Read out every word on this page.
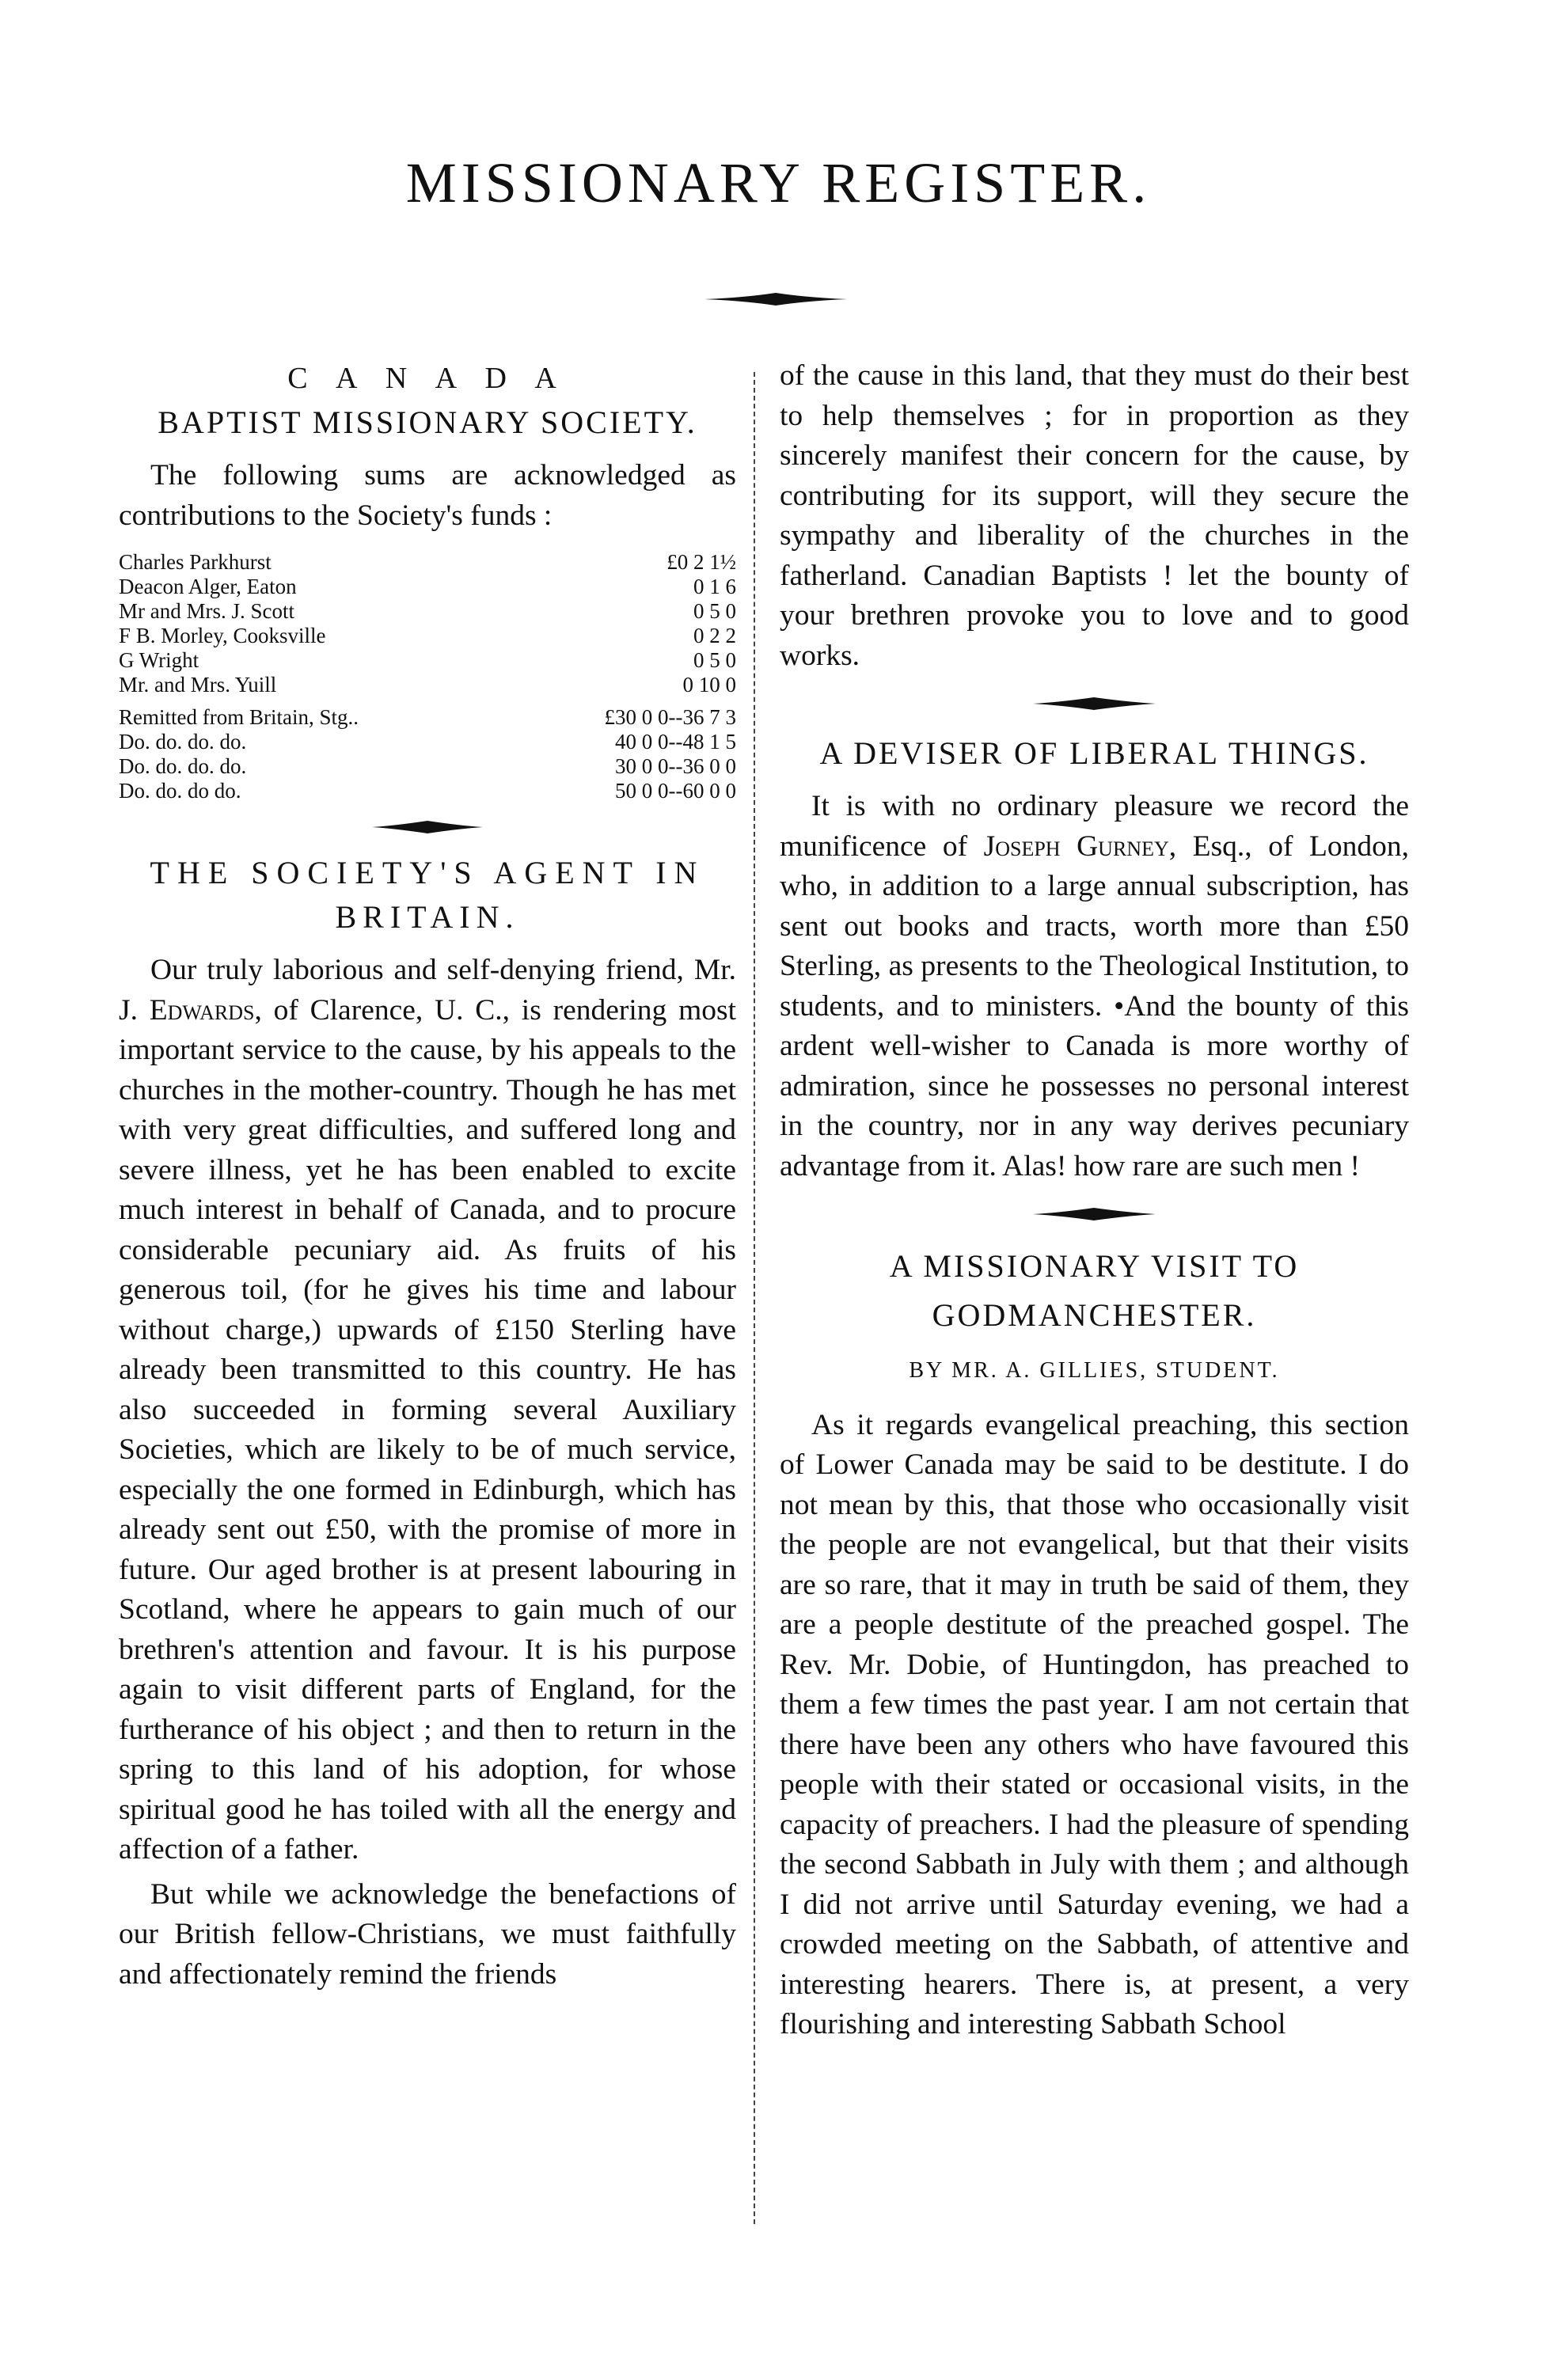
MISSIONARY REGISTER.
C A N A D A
BAPTIST MISSIONARY SOCIETY.

The following sums are acknowledged as contributions to the Society's funds :

Charles Parkhurst	£0 2 1½
Deacon Alger, Eaton	0 1 6
Mr and Mrs. J. Scott	0 5 0
F B. Morley, Cooksville	0 2 2
G Wright	0 5 0
Mr. and Mrs. Yuill	0 10 0

Remitted from Britain, Stg..	£30 0 0--36 7 3
Do. do. do. do.	40 0 0--48 1 5
Do. do. do. do.	30 0 0--36 0 0
Do. do. do do.	50 0 0--60 0 0
THE SOCIETY'S AGENT IN
BRITAIN.

Our truly laborious and self-denying friend, Mr. J. Edwards, of Clarence, U. C., is rendering most important service to the cause, by his appeals to the churches in the mother-country. Though he has met with very great difficulties, and suffered long and severe illness, yet he has been enabled to excite much interest in behalf of Canada, and to procure considerable pecuniary aid. As fruits of his generous toil, (for he gives his time and labour without charge,) upwards of £150 Sterling have already been transmitted to this country. He has also succeeded in forming several Auxiliary Societies, which are likely to be of much service, especially the one formed in Edinburgh, which has already sent out £50, with the promise of more in future. Our aged brother is at present labouring in Scotland, where he appears to gain much of our brethren's attention and favour. It is his purpose again to visit different parts of England, for the furtherance of his object ; and then to return in the spring to this land of his adoption, for whose spiritual good he has toiled with all the energy and affection of a father.

But while we acknowledge the benefactions of our British fellow-Christians, we must faithfully and affectionately remind the friends

of the cause in this land, that they must do their best to help themselves ; for in proportion as they sincerely manifest their concern for the cause, by contributing for its support, will they secure the sympathy and liberality of the churches in the fatherland. Canadian Baptists ! let the bounty of your brethren provoke you to love and to good works.

A DEVISER OF LIBERAL THINGS.

It is with no ordinary pleasure we record the munificence of Joseph Gurney, Esq., of London, who, in addition to a large annual subscription, has sent out books and tracts, worth more than £50 Sterling, as presents to the Theological Institution, to students, and to ministers. •And the bounty of this ardent well-wisher to Canada is more worthy of admiration, since he possesses no personal interest in the country, nor in any way derives pecuniary advantage from it. Alas! how rare are such men !

A MISSIONARY VISIT TO GODMANCHESTER.
BY MR. A. GILLIES, STUDENT.

As it regards evangelical preaching, this section of Lower Canada may be said to be destitute. I do not mean by this, that those who occasionally visit the people are not evangelical, but that their visits are so rare, that it may in truth be said of them, they are a people destitute of the preached gospel. The Rev. Mr. Dobie, of Huntingdon, has preached to them a few times the past year. I am not certain that there have been any others who have favoured this people with their stated or occasional visits, in the capacity of preachers. I had the pleasure of spending the second Sabbath in July with them ; and although I did not arrive until Saturday evening, we had a crowded meeting on the Sabbath, of attentive and interesting hearers. There is, at present, a very flourishing and interesting Sabbath School
